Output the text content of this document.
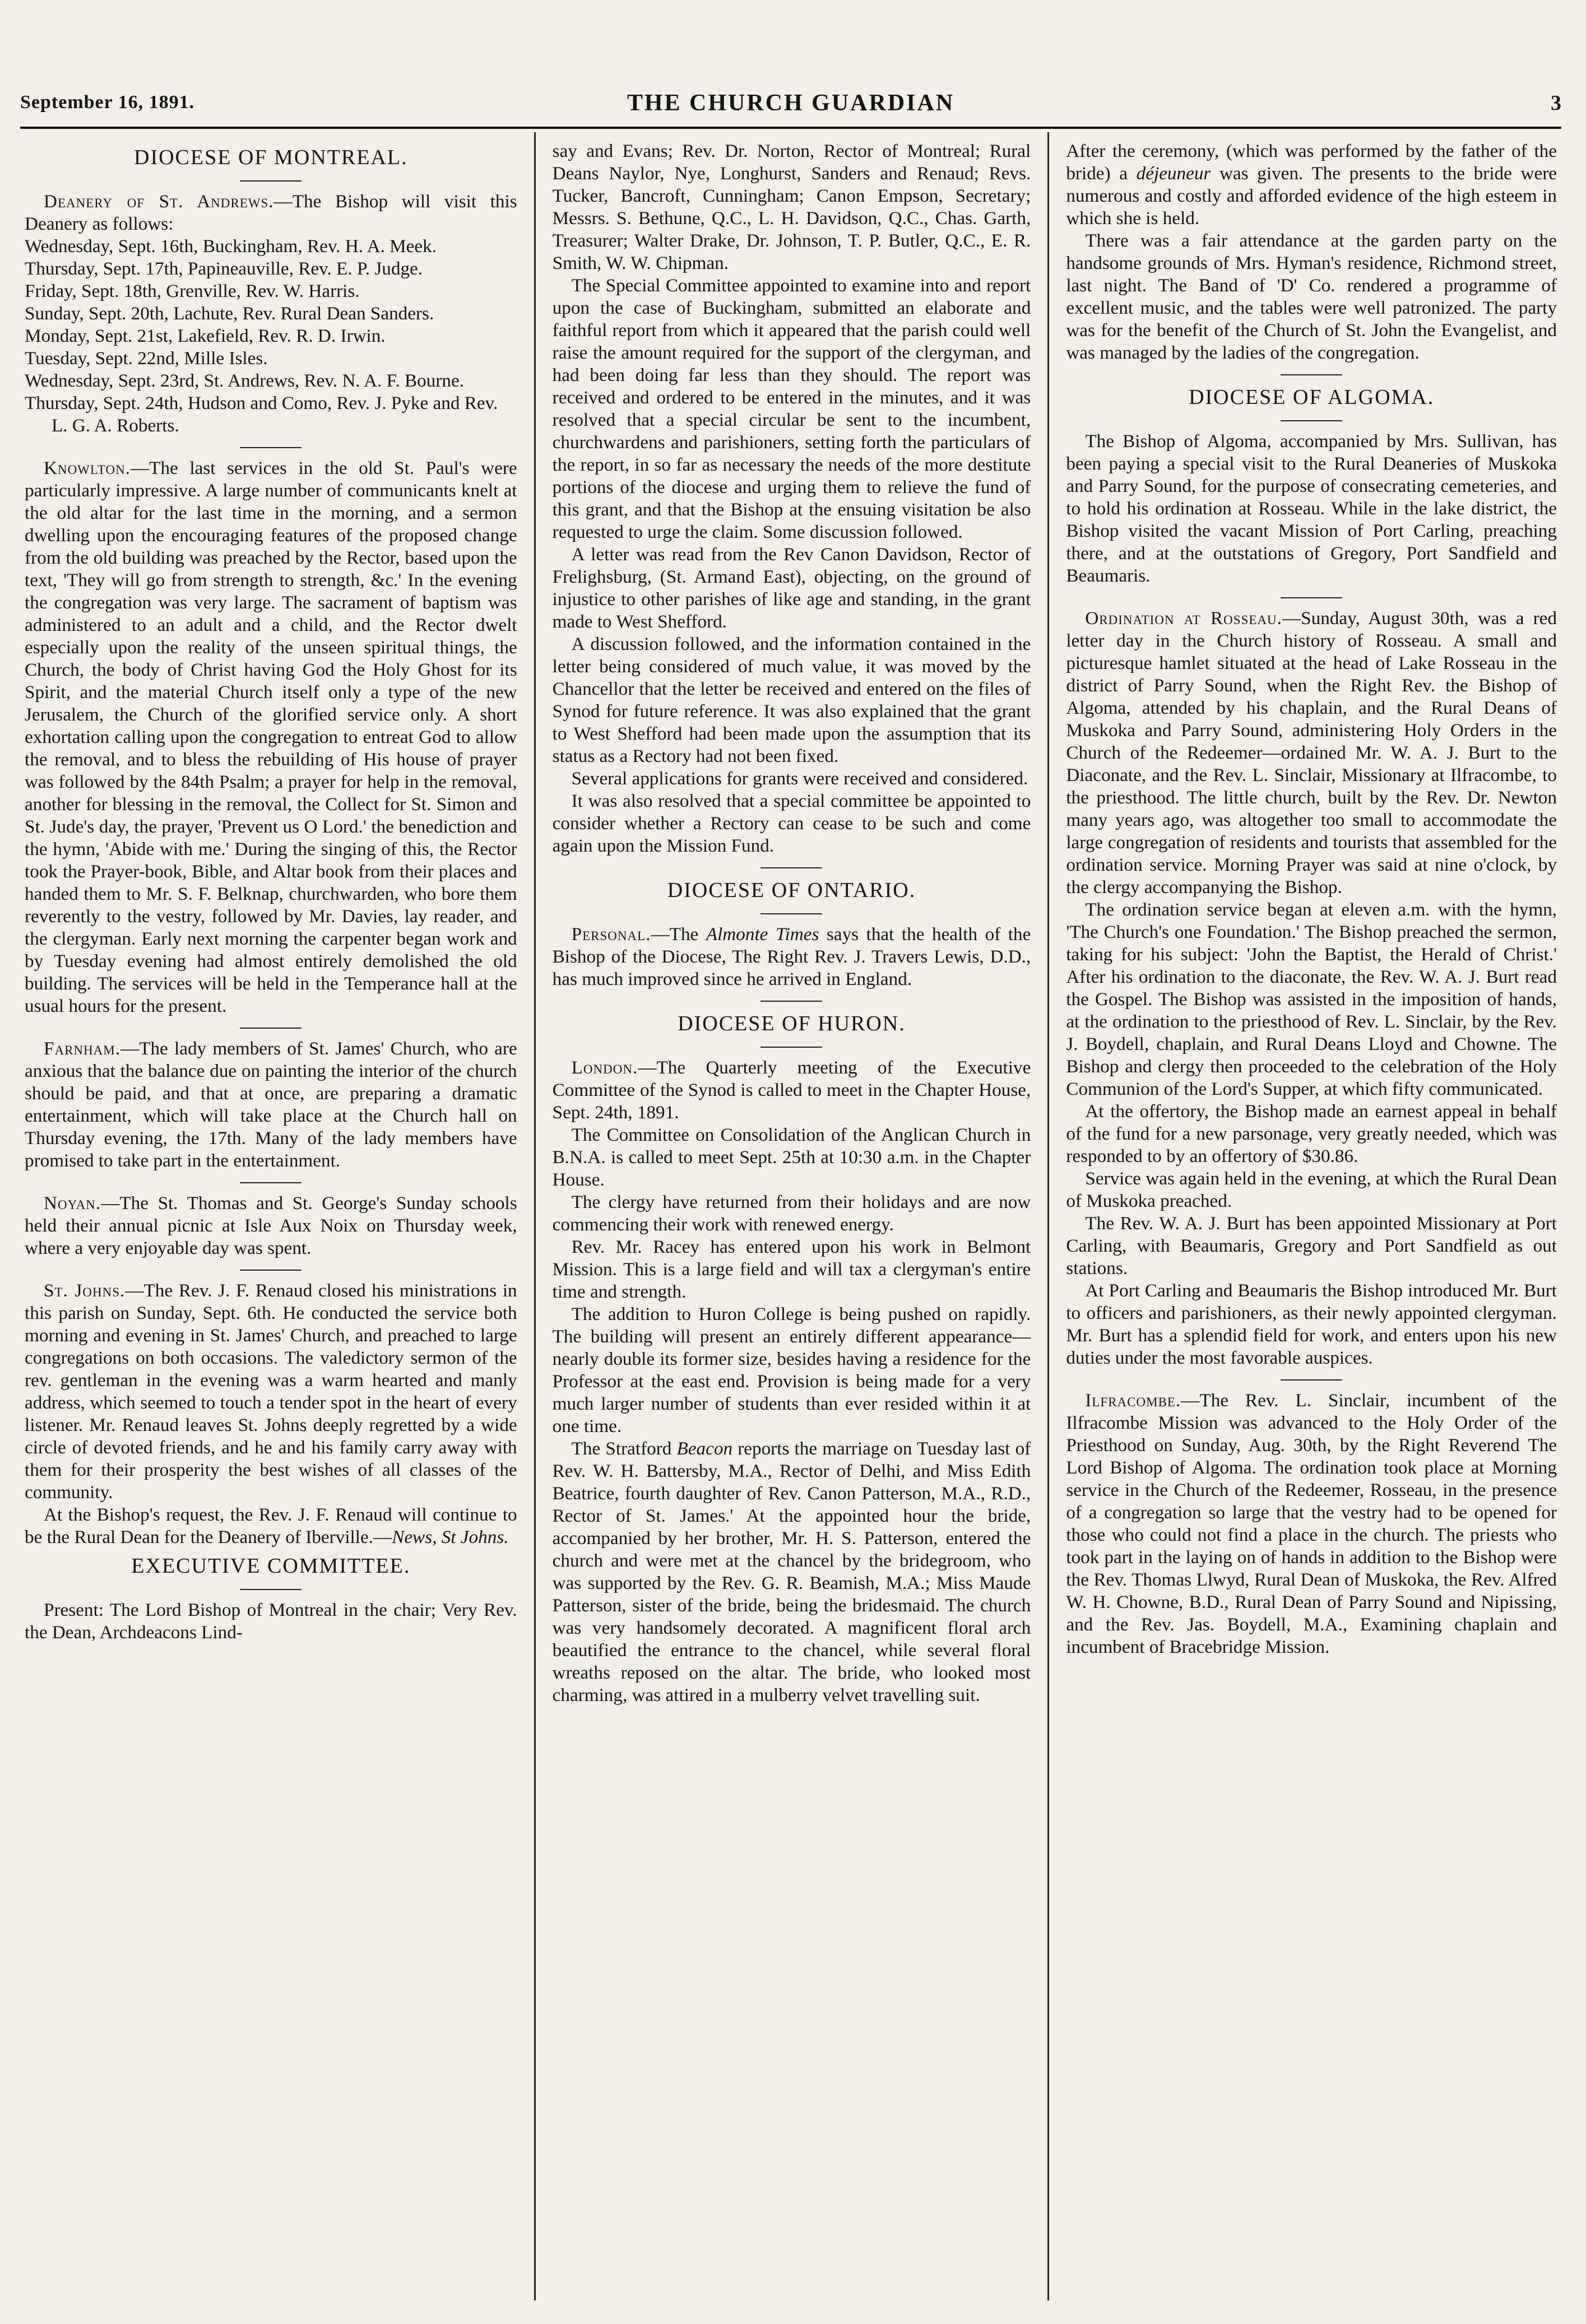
September 16, 1891.	THE CHURCH GUARDIAN	3
DIOCESE OF MONTREAL.

Deanery of St. Andrews.—The Bishop will visit this Deanery as follows:

Wednesday, Sept. 16th, Buckingham, Rev. H. A. Meek.

Thursday, Sept. 17th, Papineauville, Rev. E. P. Judge.

Friday, Sept. 18th, Grenville, Rev. W. Harris.

Sunday, Sept. 20th, Lachute, Rev. Rural Dean Sanders.

Monday, Sept. 21st, Lakefield, Rev. R. D. Irwin.

Tuesday, Sept. 22nd, Mille Isles.

Wednesday, Sept. 23rd, St. Andrews, Rev. N. A. F. Bourne.

Thursday, Sept. 24th, Hudson and Como, Rev. J. Pyke and Rev. L. G. A. Roberts.

Knowlton.—The last services in the old St. Paul's were particularly impressive. A large number of communicants knelt at the old altar for the last time in the morning, and a sermon dwelling upon the encouraging features of the proposed change from the old building was preached by the Rector, based upon the text, 'They will go from strength to strength, &c.' In the evening the congregation was very large. The sacrament of baptism was administered to an adult and a child, and the Rector dwelt especially upon the reality of the unseen spiritual things, the Church, the body of Christ having God the Holy Ghost for its Spirit, and the material Church itself only a type of the new Jerusalem, the Church of the glorified service only. A short exhortation calling upon the congregation to entreat God to allow the removal, and to bless the rebuilding of His house of prayer was followed by the 84th Psalm; a prayer for help in the removal, another for blessing in the removal, the Collect for St. Simon and St. Jude's day, the prayer, 'Prevent us O Lord.' the benediction and the hymn, 'Abide with me.' During the singing of this, the Rector took the Prayer-book, Bible, and Altar book from their places and handed them to Mr. S. F. Belknap, churchwarden, who bore them reverently to the vestry, followed by Mr. Davies, lay reader, and the clergyman. Early next morning the carpenter began work and by Tuesday evening had almost entirely demolished the old building. The services will be held in the Temperance hall at the usual hours for the present.

Farnham.—The lady members of St. James' Church, who are anxious that the balance due on painting the interior of the church should be paid, and that at once, are preparing a dramatic entertainment, which will take place at the Church hall on Thursday evening, the 17th. Many of the lady members have promised to take part in the entertainment.

Noyan.—The St. Thomas and St. George's Sunday schools held their annual picnic at Isle Aux Noix on Thursday week, where a very enjoyable day was spent.

St. Johns.—The Rev. J. F. Renaud closed his ministrations in this parish on Sunday, Sept. 6th. He conducted the service both morning and evening in St. James' Church, and preached to large congregations on both occasions. The valedictory sermon of the rev. gentleman in the evening was a warm hearted and manly address, which seemed to touch a tender spot in the heart of every listener. Mr. Renaud leaves St. Johns deeply regretted by a wide circle of devoted friends, and he and his family carry away with them for their prosperity the best wishes of all classes of the community.

At the Bishop's request, the Rev. J. F. Renaud will continue to be the Rural Dean for the Deanery of Iberville.—News, St Johns.

EXECUTIVE COMMITTEE.

Present: The Lord Bishop of Montreal in the chair; Very Rev. the Dean, Archdeacons Lind-

say and Evans; Rev. Dr. Norton, Rector of Montreal; Rural Deans Naylor, Nye, Longhurst, Sanders and Renaud; Revs. Tucker, Bancroft, Cunningham; Canon Empson, Secretary; Messrs. S. Bethune, Q.C., L. H. Davidson, Q.C., Chas. Garth, Treasurer; Walter Drake, Dr. Johnson, T. P. Butler, Q.C., E. R. Smith, W. W. Chipman.

The Special Committee appointed to examine into and report upon the case of Buckingham, submitted an elaborate and faithful report from which it appeared that the parish could well raise the amount required for the support of the clergyman, and had been doing far less than they should. The report was received and ordered to be entered in the minutes, and it was resolved that a special circular be sent to the incumbent, churchwardens and parishioners, setting forth the particulars of the report, in so far as necessary the needs of the more destitute portions of the diocese and urging them to relieve the fund of this grant, and that the Bishop at the ensuing visitation be also requested to urge the claim. Some discussion followed.

A letter was read from the Rev Canon Davidson, Rector of Frelighsburg, (St. Armand East), objecting, on the ground of injustice to other parishes of like age and standing, in the grant made to West Shefford.

A discussion followed, and the information contained in the letter being considered of much value, it was moved by the Chancellor that the letter be received and entered on the files of Synod for future reference. It was also explained that the grant to West Shefford had been made upon the assumption that its status as a Rectory had not been fixed.

Several applications for grants were received and considered.

It was also resolved that a special committee be appointed to consider whether a Rectory can cease to be such and come again upon the Mission Fund.

DIOCESE OF ONTARIO.

Personal.—The Almonte Times says that the health of the Bishop of the Diocese, The Right Rev. J. Travers Lewis, D.D., has much improved since he arrived in England.

DIOCESE OF HURON.

London.—The Quarterly meeting of the Executive Committee of the Synod is called to meet in the Chapter House, Sept. 24th, 1891.

The Committee on Consolidation of the Anglican Church in B.N.A. is called to meet Sept. 25th at 10:30 a.m. in the Chapter House.

The clergy have returned from their holidays and are now commencing their work with renewed energy.

Rev. Mr. Racey has entered upon his work in Belmont Mission. This is a large field and will tax a clergyman's entire time and strength.

The addition to Huron College is being pushed on rapidly. The building will present an entirely different appearance—nearly double its former size, besides having a residence for the Professor at the east end. Provision is being made for a very much larger number of students than ever resided within it at one time.

The Stratford Beacon reports the marriage on Tuesday last of Rev. W. H. Battersby, M.A., Rector of Delhi, and Miss Edith Beatrice, fourth daughter of Rev. Canon Patterson, M.A., R.D., Rector of St. James.' At the appointed hour the bride, accompanied by her brother, Mr. H. S. Patterson, entered the church and were met at the chancel by the bridegroom, who was supported by the Rev. G. R. Beamish, M.A.; Miss Maude Patterson, sister of the bride, being the bridesmaid. The church was very handsomely decorated. A magnificent floral arch beautified the entrance to the chancel, while several floral wreaths reposed on the altar. The bride, who looked most charming, was attired in a mulberry velvet travelling suit.

After the ceremony, (which was performed by the father of the bride) a déjeuneur was given. The presents to the bride were numerous and costly and afforded evidence of the high esteem in which she is held.

There was a fair attendance at the garden party on the handsome grounds of Mrs. Hyman's residence, Richmond street, last night. The Band of 'D' Co. rendered a programme of excellent music, and the tables were well patronized. The party was for the benefit of the Church of St. John the Evangelist, and was managed by the ladies of the congregation.

DIOCESE OF ALGOMA.

The Bishop of Algoma, accompanied by Mrs. Sullivan, has been paying a special visit to the Rural Deaneries of Muskoka and Parry Sound, for the purpose of consecrating cemeteries, and to hold his ordination at Rosseau. While in the lake district, the Bishop visited the vacant Mission of Port Carling, preaching there, and at the outstations of Gregory, Port Sandfield and Beaumaris.

Ordination at Rosseau.—Sunday, August 30th, was a red letter day in the Church history of Rosseau. A small and picturesque hamlet situated at the head of Lake Rosseau in the district of Parry Sound, when the Right Rev. the Bishop of Algoma, attended by his chaplain, and the Rural Deans of Muskoka and Parry Sound, administering Holy Orders in the Church of the Redeemer—ordained Mr. W. A. J. Burt to the Diaconate, and the Rev. L. Sinclair, Missionary at Ilfracombe, to the priesthood. The little church, built by the Rev. Dr. Newton many years ago, was altogether too small to accommodate the large congregation of residents and tourists that assembled for the ordination service. Morning Prayer was said at nine o'clock, by the clergy accompanying the Bishop.

The ordination service began at eleven a.m. with the hymn, 'The Church's one Foundation.' The Bishop preached the sermon, taking for his subject: 'John the Baptist, the Herald of Christ.' After his ordination to the diaconate, the Rev. W. A. J. Burt read the Gospel. The Bishop was assisted in the imposition of hands, at the ordination to the priesthood of Rev. L. Sinclair, by the Rev. J. Boydell, chaplain, and Rural Deans Lloyd and Chowne. The Bishop and clergy then proceeded to the celebration of the Holy Communion of the Lord's Supper, at which fifty communicated.

At the offertory, the Bishop made an earnest appeal in behalf of the fund for a new parsonage, very greatly needed, which was responded to by an offertory of $30.86.

Service was again held in the evening, at which the Rural Dean of Muskoka preached.

The Rev. W. A. J. Burt has been appointed Missionary at Port Carling, with Beaumaris, Gregory and Port Sandfield as out stations.

At Port Carling and Beaumaris the Bishop introduced Mr. Burt to officers and parishioners, as their newly appointed clergyman. Mr. Burt has a splendid field for work, and enters upon his new duties under the most favorable auspices.

Ilfracombe.—The Rev. L. Sinclair, incumbent of the Ilfracombe Mission was advanced to the Holy Order of the Priesthood on Sunday, Aug. 30th, by the Right Reverend The Lord Bishop of Algoma. The ordination took place at Morning service in the Church of the Redeemer, Rosseau, in the presence of a congregation so large that the vestry had to be opened for those who could not find a place in the church. The priests who took part in the laying on of hands in addition to the Bishop were the Rev. Thomas Llwyd, Rural Dean of Muskoka, the Rev. Alfred W. H. Chowne, B.D., Rural Dean of Parry Sound and Nipissing, and the Rev. Jas. Boydell, M.A., Examining chaplain and incumbent of Bracebridge Mission.
